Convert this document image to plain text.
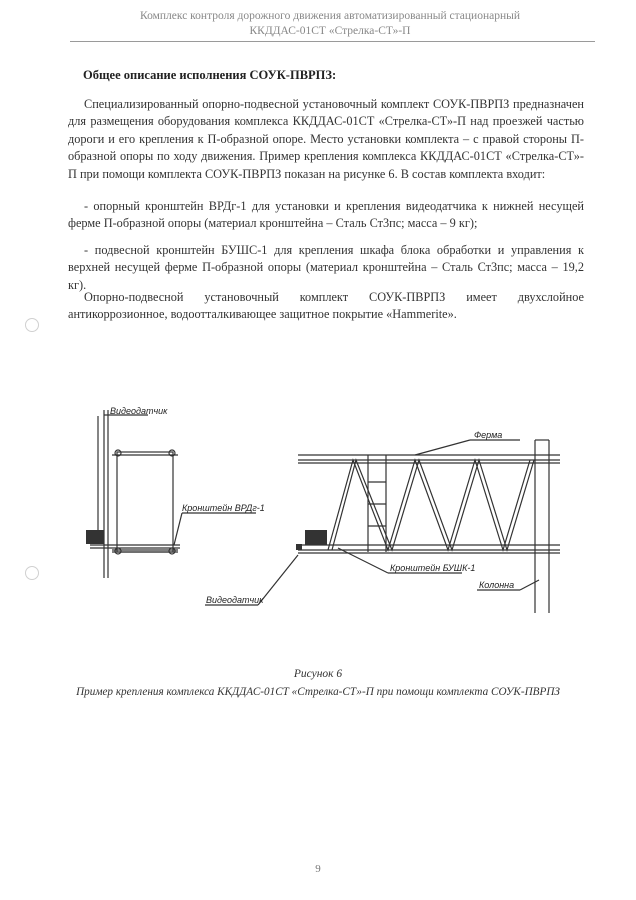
Комплекс контроля дорожного движения автоматизированный стационарный
ККДДАС-01СТ «Стрелка-СТ»-П
Общее описание исполнения СОУК-ПВРПЗ:
Специализированный опорно-подвесной установочный комплект СОУК-ПВРПЗ предназначен для размещения оборудования комплекса ККДДАС-01СТ «Стрелка-СТ»-П над проезжей частью дороги и его крепления к П-образной опоре. Место установки комплекта – с правой стороны П-образной опоры по ходу движения. Пример крепления комплекса ККДДАС-01СТ «Стрелка-СТ»-П при помощи комплекта СОУК-ПВРПЗ показан на рисунке 6. В состав комплекта входит:
- опорный кронштейн ВРДг-1 для установки и крепления видеодатчика к нижней несущей ферме П-образной опоры (материал кронштейна – Сталь Ст3пс; масса – 9 кг);
- подвесной кронштейн БУШС-1 для крепления шкафа блока обработки и управления к верхней несущей ферме П-образной опоры (материал кронштейна – Сталь Ст3пс; масса – 19,2 кг).
Опорно-подвесной установочный комплект СОУК-ПВРПЗ имеет двухслойное антикоррозионное, водоотталкивающее защитное покрытие «Hammerite».
Видеодатчик
Кронштейн ВРДг-1
Видеодатчик
Ферма
Кронштейн БУШК-1
Колонна
Рисунок 6
Пример крепления комплекса ККДДАС-01СТ «Стрелка-СТ»-П при помощи комплекта СОУК-ПВРПЗ
9
